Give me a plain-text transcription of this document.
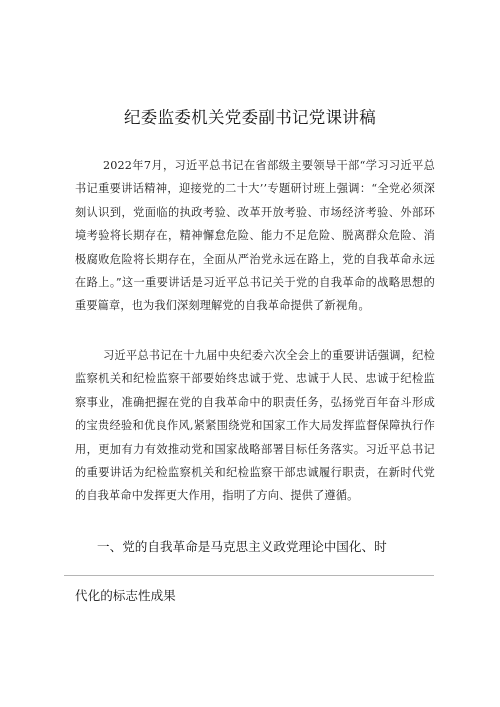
纪委监委机关党委副书记党课讲稿
2022年7月，习近平总书记在省部级主要领导干部“学习习近平总书记重要讲话精神，迎接党的二十大’’专题研讨班上强调：“全党必须深刻认识到，党面临的执政考验、改革开放考验、市场经济考验、外部环境考验将长期存在，精神懈怠危险、能力不足危险、脱离群众危险、消极腐败危险将长期存在，全面从严治党永远在路上，党的自我革命永远在路上。”这一重要讲话是习近平总书记关于党的自我革命的战略思想的重要篇章，也为我们深刻理解党的自我革命提供了新视角。
习近平总书记在十九届中央纪委六次全会上的重要讲话强调，纪检监察机关和纪检监察干部要始终忠诚于党、忠诚于人民、忠诚于纪检监察事业，准确把握在党的自我革命中的职责任务，弘扬党百年奋斗形成的宝贵经验和优良作风,紧紧围绕党和国家工作大局发挥监督保障执行作用，更加有力有效推动党和国家战略部署目标任务落实。习近平总书记的重要讲话为纪检监察机关和纪检监察干部忠诚履行职责，在新时代党的自我革命中发挥更大作用，指明了方向、提供了遵循。
一、党的自我革命是马克思主义政党理论中国化、时
代化的标志性成果
